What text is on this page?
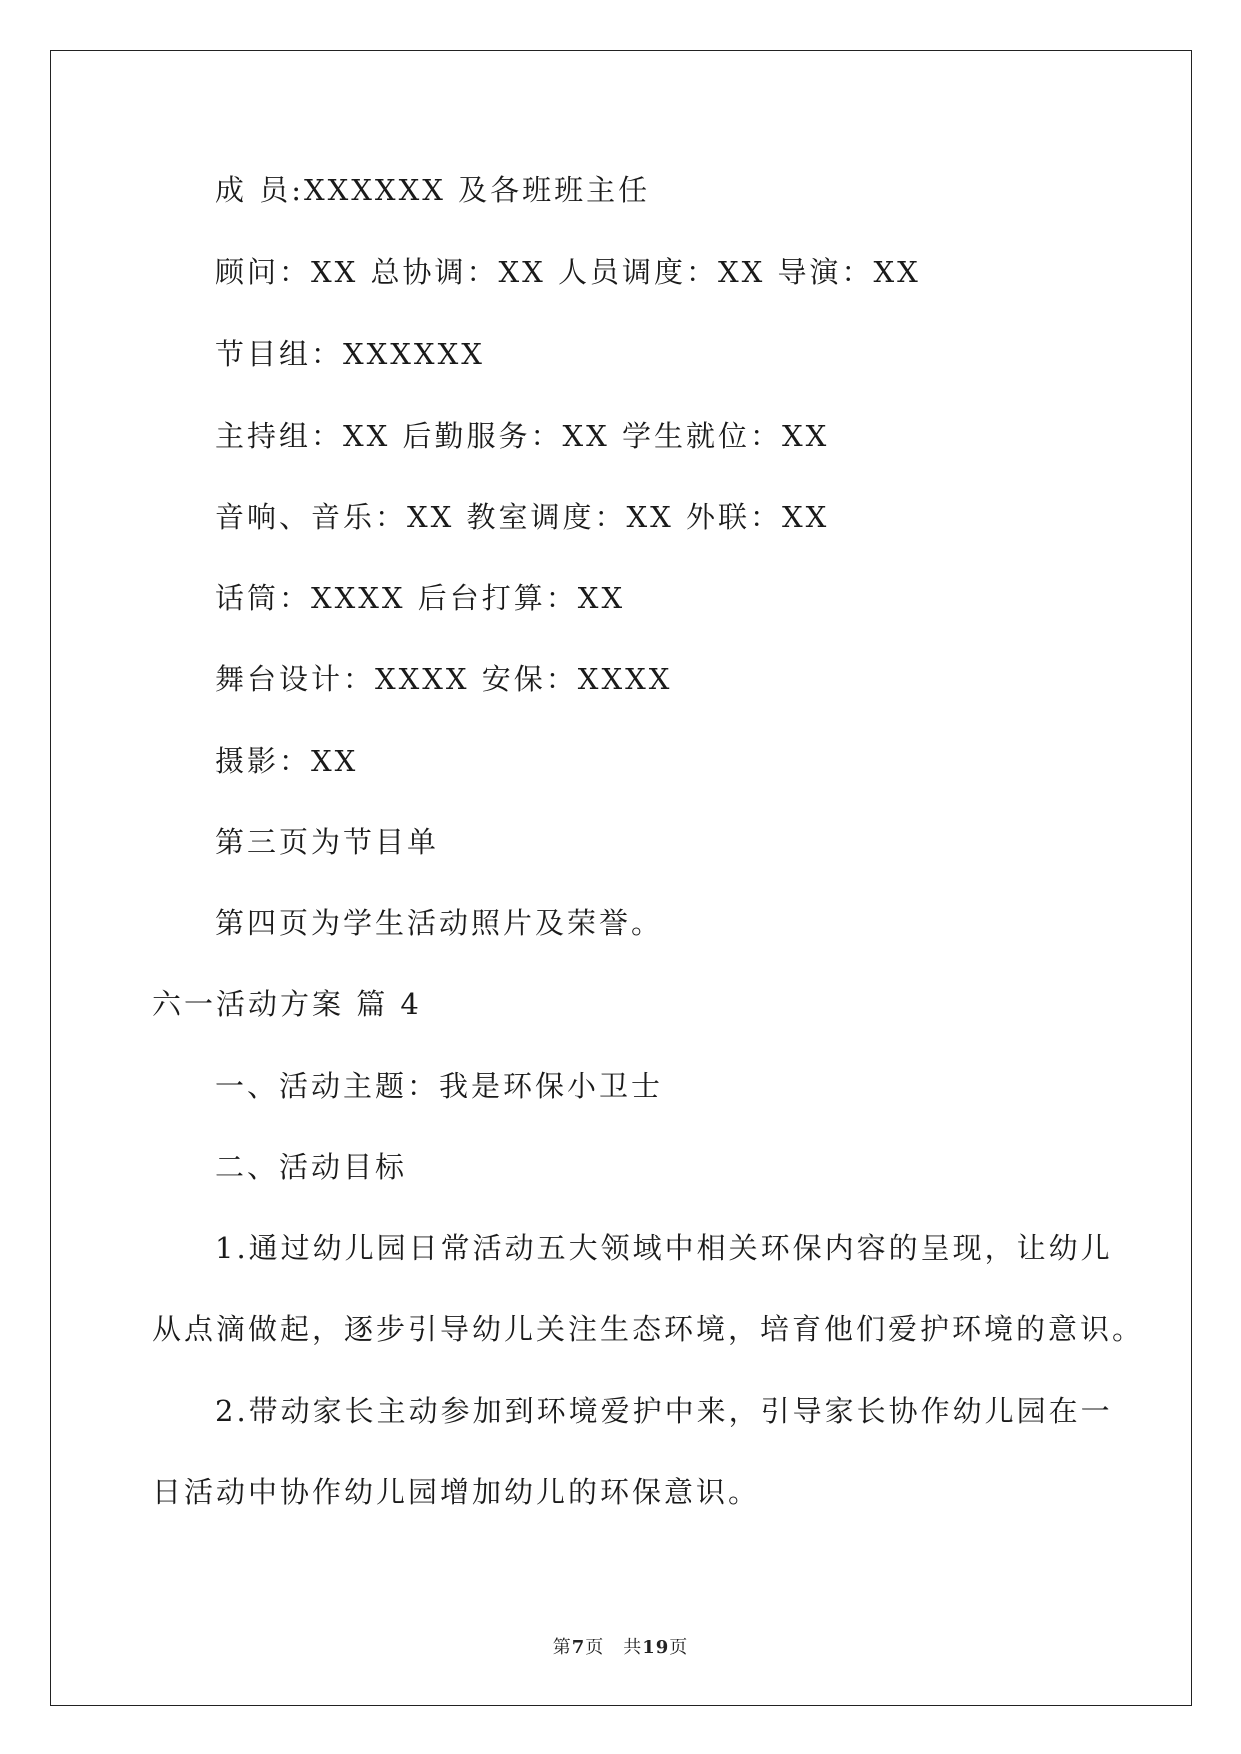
成 员:XXXXXX 及各班班主任
顾问：XX 总协调：XX 人员调度：XX 导演：XX
节目组：XXXXXX
主持组：XX 后勤服务：XX 学生就位：XX
音响、音乐：XX 教室调度：XX 外联：XX
话筒：XXXX 后台打算：XX
舞台设计：XXXX 安保：XXXX
摄影：XX
第三页为节目单
第四页为学生活动照片及荣誉。
六一活动方案 篇 4
一、活动主题：我是环保小卫士
二、活动目标
1.通过幼儿园日常活动五大领域中相关环保内容的呈现，让幼儿
从点滴做起，逐步引导幼儿关注生态环境，培育他们爱护环境的意识。
2.带动家长主动参加到环境爱护中来，引导家长协作幼儿园在一
日活动中协作幼儿园增加幼儿的环保意识。
第7页　共19页
